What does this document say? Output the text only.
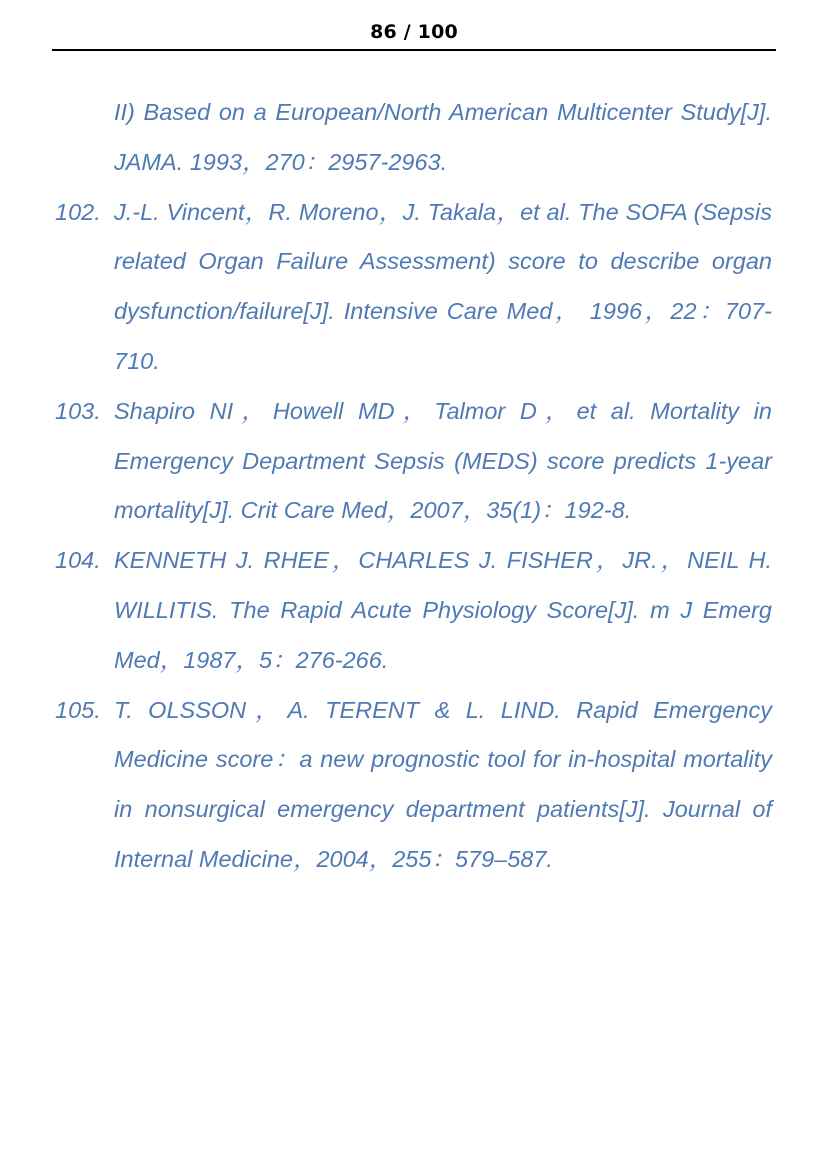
86 / 100
II) Based on a European/North American Multicenter Study[J]. JAMA. 1993，270：2957-2963.
102. J.-L. Vincent，R. Moreno，J. Takala，et al. The SOFA (Sepsis related Organ Failure Assessment) score to describe organ dysfunction/failure[J]. Intensive Care Med， 1996，22：707-710.
103. Shapiro NI，Howell MD，Talmor D，et al. Mortality in Emergency Department Sepsis (MEDS) score predicts 1-year mortality[J]. Crit Care Med，2007，35(1)：192-8.
104. KENNETH J. RHEE，CHARLES J. FISHER，JR.，NEIL H. WILLITIS. The Rapid Acute Physiology Score[J]. m J Emerg Med，1987，5：276-266.
105. T. OLSSON，A. TERENT & L. LIND. Rapid Emergency Medicine score：a new prognostic tool for in-hospital mortality in nonsurgical emergency department patients[J]. Journal of Internal Medicine，2004，255：579–587.
